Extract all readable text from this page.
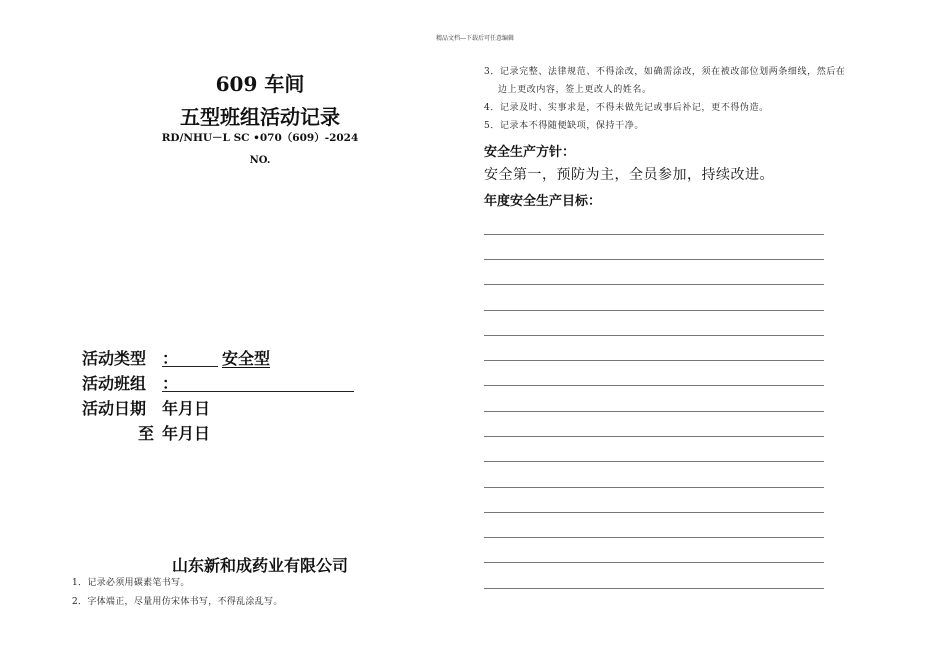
精品文档---下载后可任意编辑
609 车间
五型班组活动记录
RD/NHU－L SC •070（609）-2024
NO.
活动类型 ：	安全型
活动班组 ：
活动日期 年月日
至 年月日
山东新和成药业有限公司
1．记录必须用碳素笔书写。
2．字体端正，尽量用仿宋体书写，不得乱涂乱写。
3．记录完整、法律规范、不得涂改，如确需涂改，须在被改部位划两条细线，然后在
边上更改内容，签上更改人的姓名。
4．记录及时、实事求是，不得未做先记或事后补记，更不得伪造。
5．记录本不得随便缺项，保持干净。
安全生产方针：
安全第一，预防为主，全员参加，持续改进。
年度安全生产目标：
